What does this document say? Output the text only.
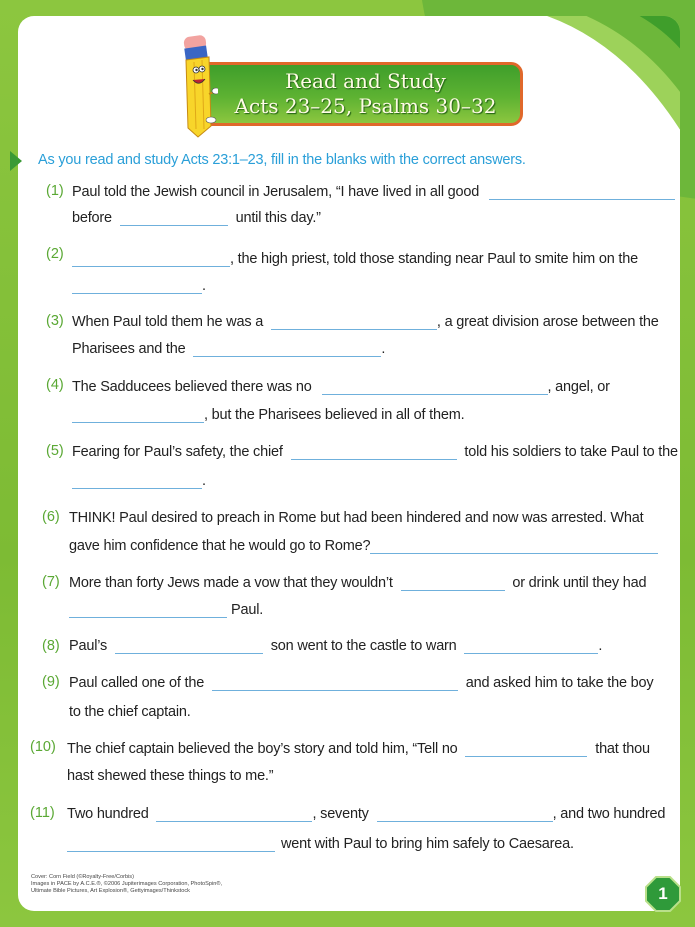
Read and Study
Acts 23–25, Psalms 30–32
As you read and study Acts 23:1–23, fill in the blanks with the correct answers.
(1) Paul told the Jewish council in Jerusalem, “I have lived in all good
before	until this day.”
(2)	, the high priest, told those standing near Paul to smite him on the
.
(3) When Paul told them he was a	, a great division arose between the
Pharisees and the	.
(4) The Sadducees believed there was no	, angel, or
, but the Pharisees believed in all of them.
(5) Fearing for Paul’s safety, the chief	told his soldiers to take Paul to the
.
(6) THINK! Paul desired to preach in Rome but had been hindered and now was arrested. What
gave him confidence that he would go to Rome?
(7) More than forty Jews made a vow that they wouldn’t	or drink until they had
Paul.
(8) Paul’s	son went to the castle to warn	.
(9) Paul called one of the	and asked him to take the boy
to the chief captain.
(10) The chief captain believed the boy’s story and told him, “Tell no	that thou
hast shewed these things to me.”
(11) Two hundred	, seventy	, and two hundred
went with Paul to bring him safely to Caesarea.
Cover: Corn Field (©Royalty-Free/Corbis)
Images in PACE by A.C.E.®, ©2006 Jupiterimages Corporation, PhotoSpin®,
Ultimate Bible Pictures, Art Explosion®, Gettyimages/Thinkstock	1
